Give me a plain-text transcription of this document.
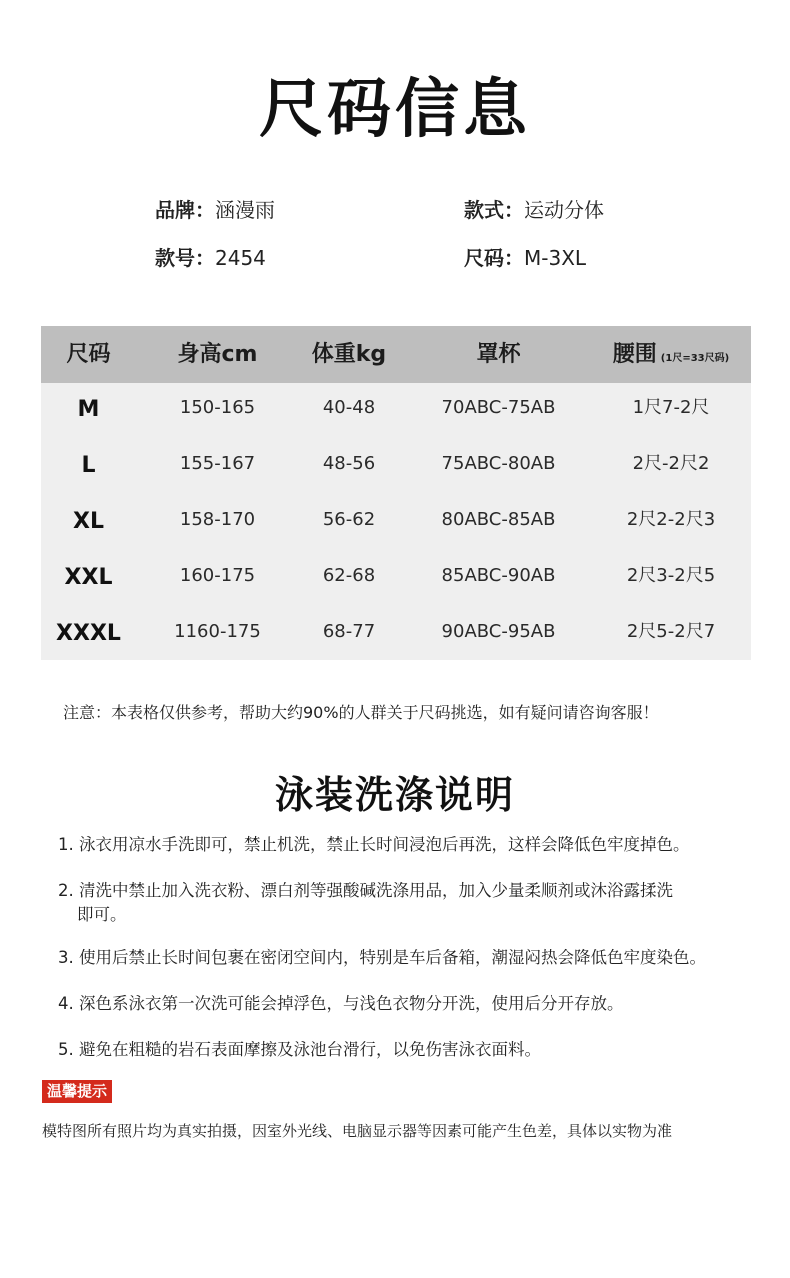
尺码信息
品牌：涵漫雨	款式：运动分体
款号：2454	尺码：M-3XL
尺码	身高cm	体重kg	罩杯	腰围 (1尺=33尺码)
M	150-165	40-48	70ABC-75AB	1尺7-2尺
L	155-167	48-56	75ABC-80AB	2尺-2尺2
XL	158-170	56-62	80ABC-85AB	2尺2-2尺3
XXL	160-175	62-68	85ABC-90AB	2尺3-2尺5
XXXL	1160-175	68-77	90ABC-95AB	2尺5-2尺7
注意：本表格仅供参考，帮助大约90%的人群关于尺码挑选，如有疑问请咨询客服！
泳装洗涤说明
1. 泳衣用凉水手洗即可，禁止机洗，禁止长时间浸泡后再洗，这样会降低色牢度掉色。
2. 清洗中禁止加入洗衣粉、漂白剂等强酸碱洗涤用品，加入少量柔顺剂或沐浴露揉洗
即可。
3. 使用后禁止长时间包裹在密闭空间内，特别是车后备箱，潮湿闷热会降低色牢度染色。
4. 深色系泳衣第一次洗可能会掉浮色，与浅色衣物分开洗，使用后分开存放。
5. 避免在粗糙的岩石表面摩擦及泳池台滑行，以免伤害泳衣面料。
温馨提示
模特图所有照片均为真实拍摄，因室外光线、电脑显示器等因素可能产生色差，具体以实物为准
